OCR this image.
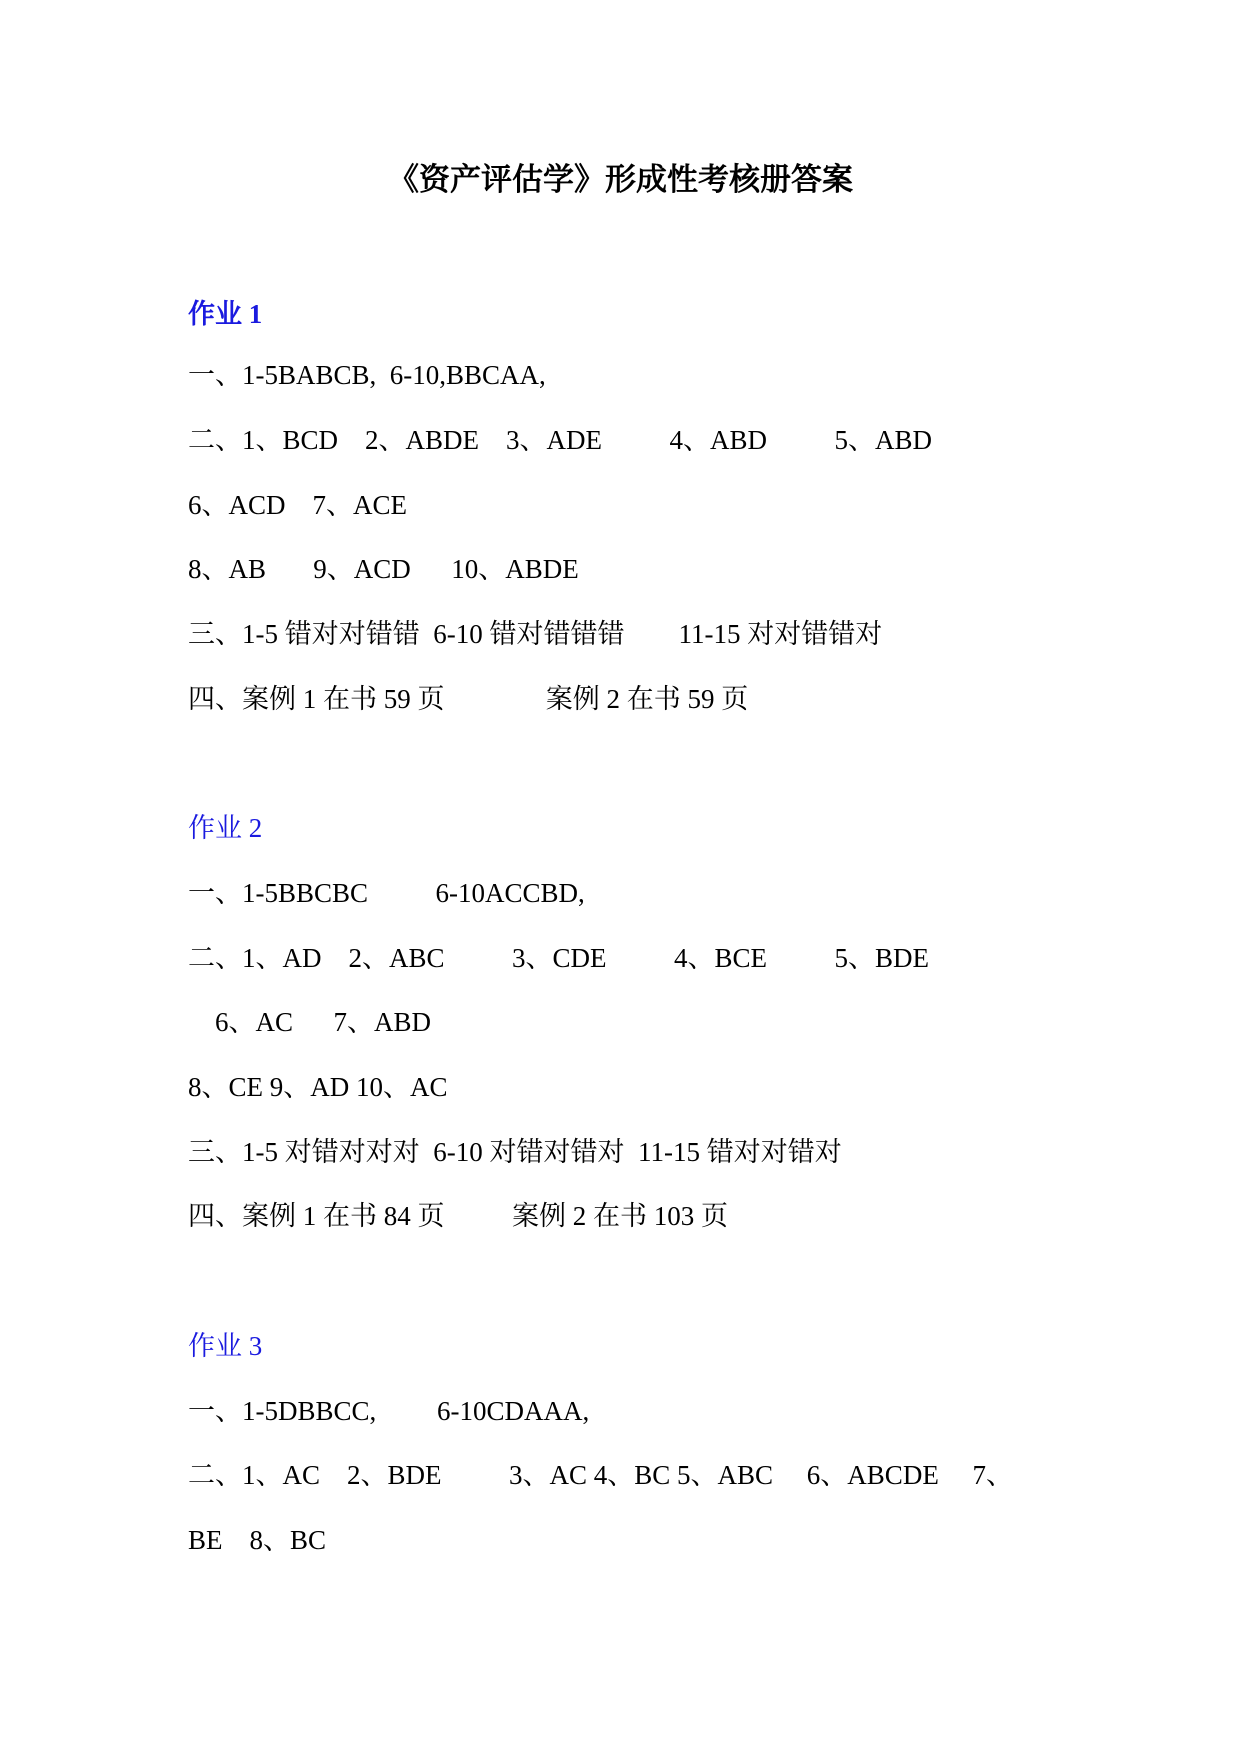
《资产评估学》形成性考核册答案
作业 1
一、1-5BABCB,  6-10,BBCAA,
二、1、BCD    2、ABDE    3、ADE          4、ABD          5、ABD
6、ACD    7、ACE
8、AB       9、ACD      10、ABDE
三、1-5 错对对错错  6-10 错对错错错        11-15 对对错错对
四、案例 1 在书 59 页               案例 2 在书 59 页
作业 2
一、1-5BBCBC          6-10ACCBD,
二、1、AD    2、ABC          3、CDE          4、BCE          5、BDE
6、AC      7、ABD
8、CE 9、AD 10、AC
三、1-5 对错对对对  6-10 对错对错对  11-15 错对对错对
四、案例 1 在书 84 页          案例 2 在书 103 页
作业 3
一、1-5DBBCC,         6-10CDAAA,
二、1、AC    2、BDE          3、AC 4、BC 5、ABC     6、ABCDE     7、
BE    8、BC
